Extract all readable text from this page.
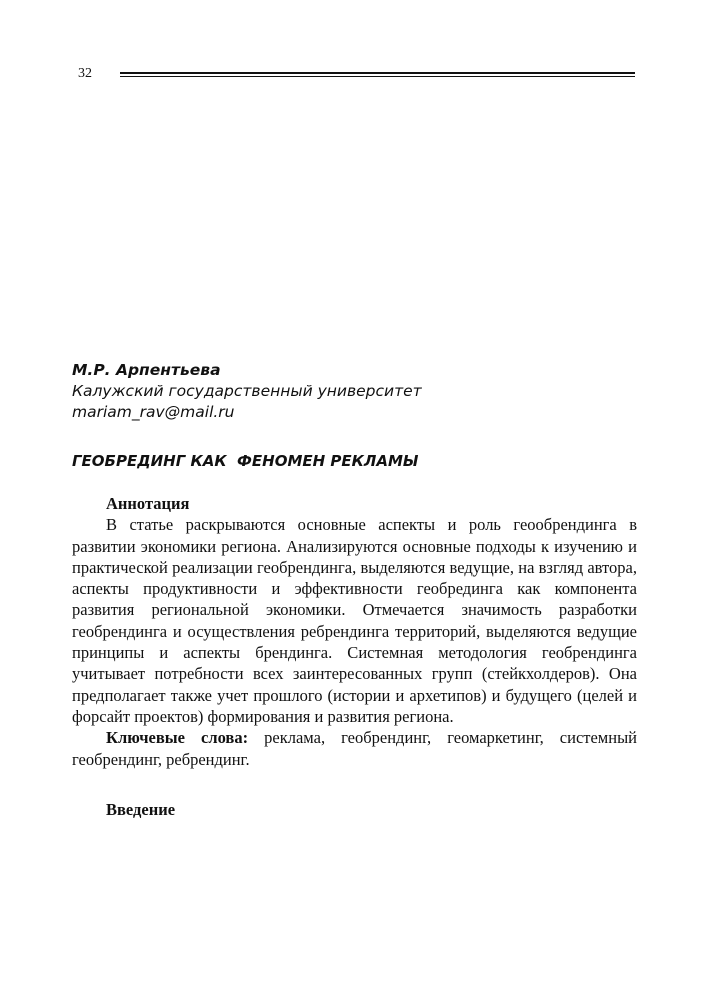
32
М.Р. Арпентьева
Калужский государственный университет
mariam_rav@mail.ru
ГЕОБРЕДИНГ КАК  ФЕНОМЕН РЕКЛАМЫ

Аннотация

В статье раскрываются основные аспекты и роль геообрендинга в развитии экономики региона. Анализируются основные подходы к изучению и практической реализации геобрендинга, выделяются ведущие, на взгляд автора, аспекты продуктивности и эффективности геобрединга как компонента развития региональной экономики. Отмечается значимость разработки геобрендинга и осуществления ребрендинга территорий, выделяются ведущие принципы и аспекты брендинга. Системная методология геобрендинга учитывает потребности всех заинтересованных групп (стейкхолдеров). Она предполагает также учет прошлого (истории и архетипов) и будущего (целей и форсайт проектов) формирования и развития региона.

Ключевые слова: реклама, геобрендинг, геомаркетинг, системный геобрендинг, ребрендинг.

Введение
